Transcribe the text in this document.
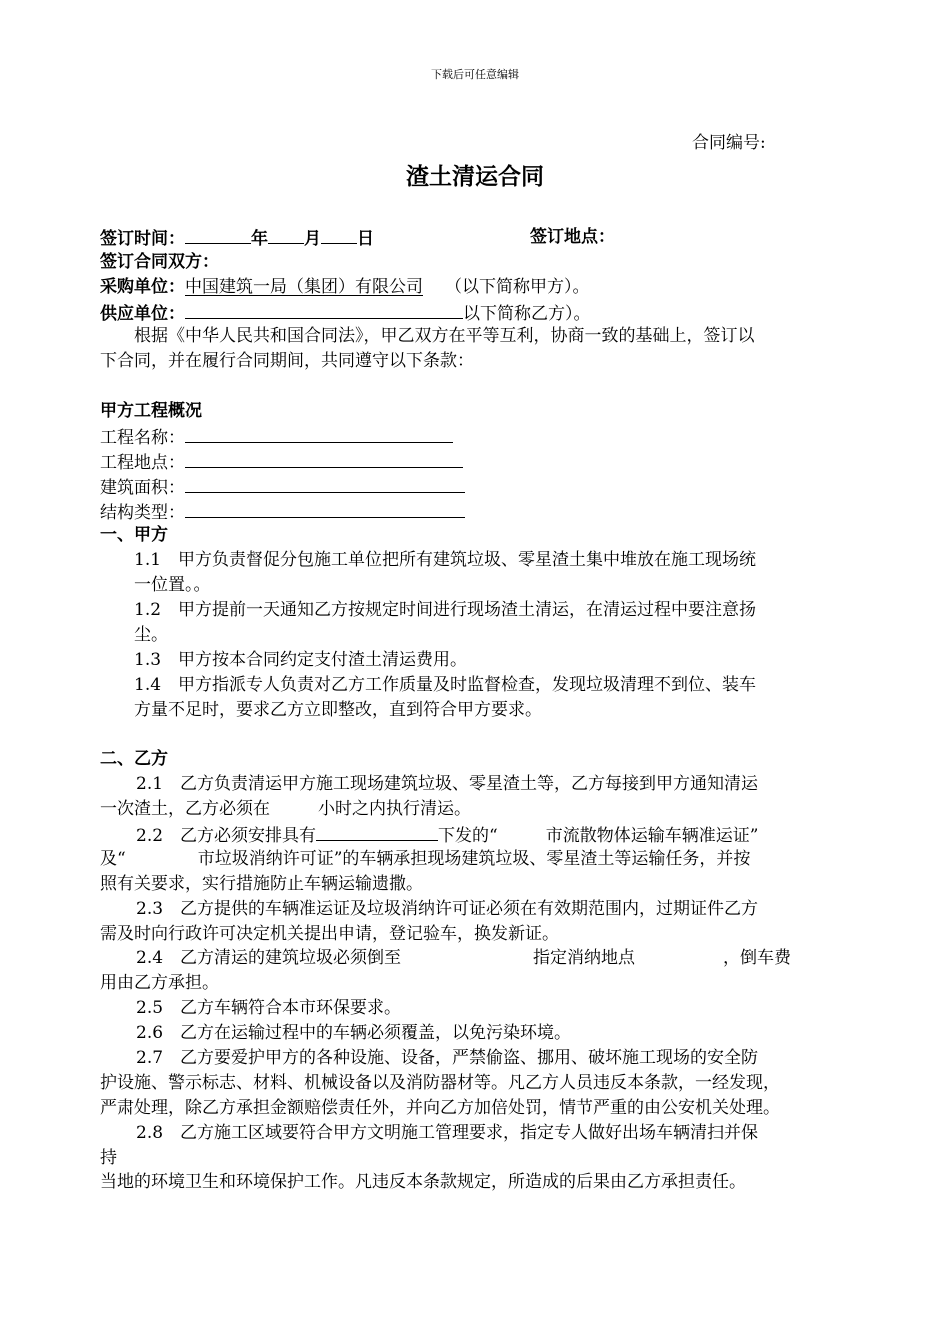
下载后可任意编辑
合同编号:
渣土清运合同
签订时间：	年 月 日	签订地点：
签订合同双方：
采购单位：中国建筑一局（集团）有限公司 （以下简称甲方）。
供应单位：	以下简称乙方）。
根据《中华人民共和国合同法》，甲乙双方在平等互利，协商一致的基础上，签订以
下合同，并在履行合同期间，共同遵守以下条款：
甲方工程概况
工程名称：
工程地点：
建筑面积：
结构类型：
一、甲方
1.1　甲方负责督促分包施工单位把所有建筑垃圾、零星渣土集中堆放在施工现场统
一位置。。
1.2　甲方提前一天通知乙方按规定时间进行现场渣土清运，在清运过程中要注意扬
尘。
1.3　甲方按本合同约定支付渣土清运费用。
1.4　甲方指派专人负责对乙方工作质量及时监督检查，发现垃圾清理不到位、装车
方量不足时，要求乙方立即整改，直到符合甲方要求。
二、乙方
2.1　乙方负责清运甲方施工现场建筑垃圾、零星渣土等，乙方每接到甲方通知清运
一次渣土，乙方必须在	小时之内执行清运。
2.2　乙方必须安排具有	下发的“	市流散物体运输车辆准运证”
及“	市垃圾消纳许可证”的车辆承担现场建筑垃圾、零星渣土等运输任务，并按
照有关要求，实行措施防止车辆运输遗撒。
2.3　乙方提供的车辆准运证及垃圾消纳许可证必须在有效期范围内，过期证件乙方
需及时向行政许可决定机关提出申请，登记验车，换发新证。
2.4　乙方清运的建筑垃圾必须倒至	指定消纳地点	，倒车费
用由乙方承担。
2.5　乙方车辆符合本市环保要求。
2.6　乙方在运输过程中的车辆必须覆盖，以免污染环境。
2.7　乙方要爱护甲方的各种设施、设备，严禁偷盗、挪用、破坏施工现场的安全防
护设施、警示标志、材料、机械设备以及消防器材等。凡乙方人员违反本条款，一经发现，
严肃处理，除乙方承担金额赔偿责任外，并向乙方加倍处罚，情节严重的由公安机关处理。
2.8　乙方施工区域要符合甲方文明施工管理要求，指定专人做好出场车辆清扫并保
持
当地的环境卫生和环境保护工作。凡违反本条款规定，所造成的后果由乙方承担责任。
